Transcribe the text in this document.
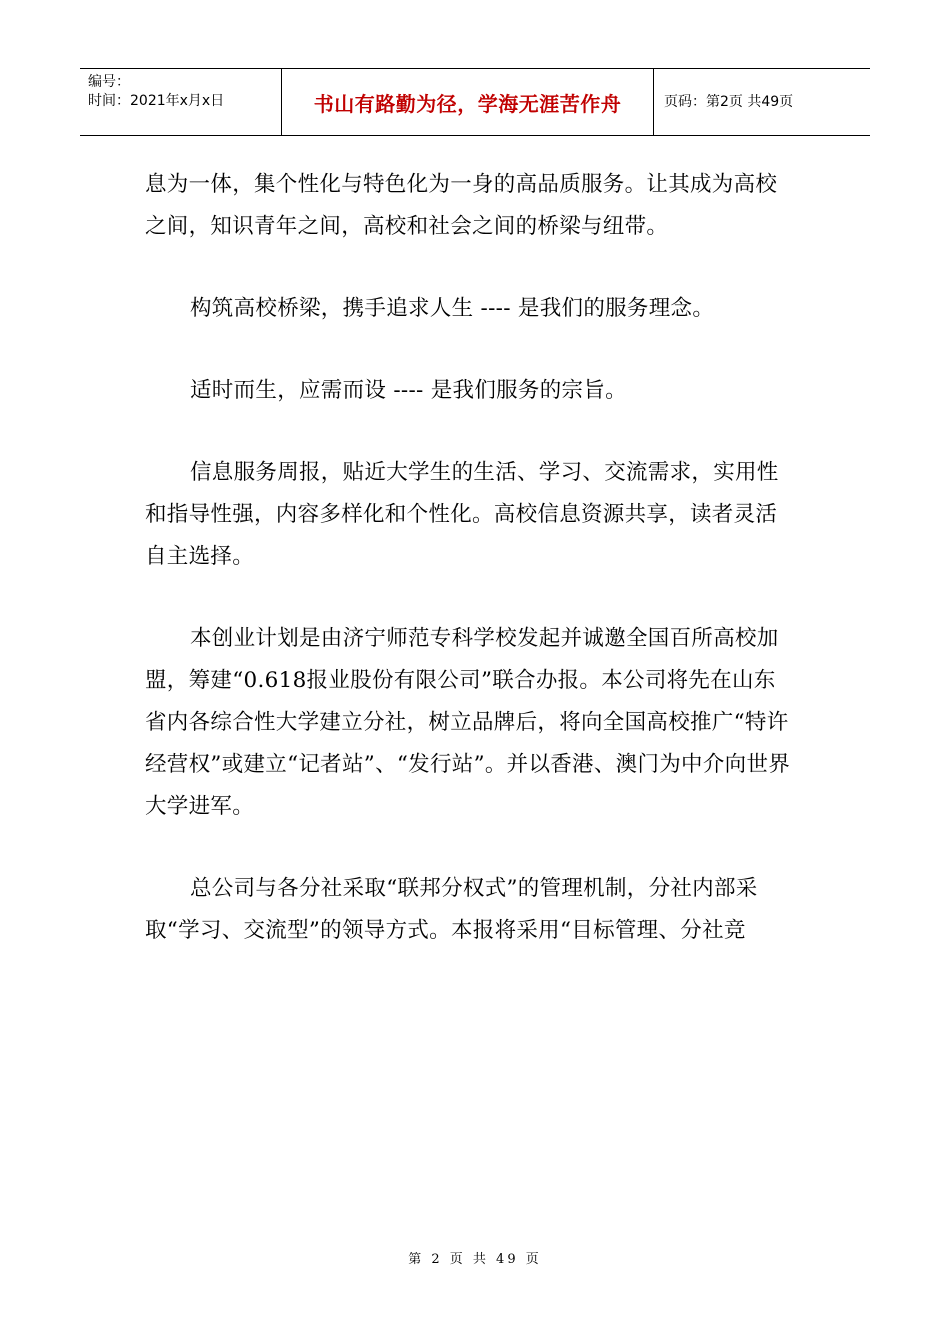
编号：
时间：2021年x月x日	书山有路勤为径，学海无涯苦作舟	页码：第2页 共49页

息为一体，集个性化与特色化为一身的高品质服务。让其成为高校之间，知识青年之间，高校和社会之间的桥梁与纽带。

构筑高校桥梁，携手追求人生 ---- 是我们的服务理念。

适时而生，应需而设 ---- 是我们服务的宗旨。

信息服务周报，贴近大学生的生活、学习、交流需求，实用性和指导性强，内容多样化和个性化。高校信息资源共享，读者灵活自主选择。

本创业计划是由济宁师范专科学校发起并诚邀全国百所高校加盟，筹建“0.618报业股份有限公司”联合办报。本公司将先在山东省内各综合性大学建立分社，树立品牌后，将向全国高校推广“特许经营权”或建立“记者站”、“发行站”。并以香港、澳门为中介向世界大学进军。

总公司与各分社采取“联邦分权式”的管理机制，分社内部采取“学习、交流型”的领导方式。本报将采用“目标管理、分社竞

第 2 页 共 49 页
